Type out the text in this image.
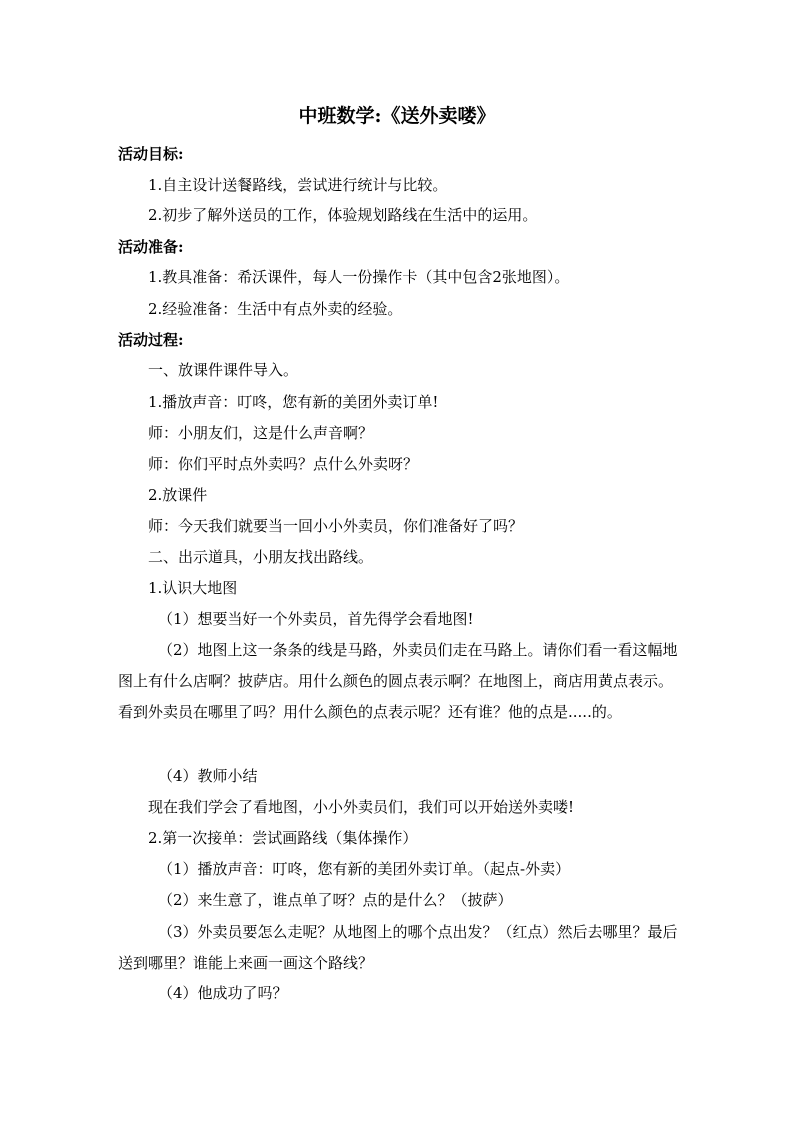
中班数学:《送外卖喽》
活动目标:
1.自主设计送餐路线，尝试进行统计与比较。
2.初步了解外送员的工作，体验规划路线在生活中的运用。
活动准备:
1.教具准备：希沃课件，每人一份操作卡（其中包含2张地图）。
2.经验准备：生活中有点外卖的经验。
活动过程:
一、放课件课件导入。
1.播放声音：叮咚，您有新的美团外卖订单!
师：小朋友们，这是什么声音啊？
师：你们平时点外卖吗？点什么外卖呀？
2.放课件
师：今天我们就要当一回小小外卖员，你们准备好了吗？
二、出示道具，小朋友找出路线。
1.认识大地图
（1）想要当好一个外卖员，首先得学会看地图!
（2）地图上这一条条的线是马路，外卖员们走在马路上。请你们看一看这幅地图上有什么店啊？披萨店。用什么颜色的圆点表示啊？在地图上，商店用黄点表示。看到外卖员在哪里了吗？用什么颜色的点表示呢？还有谁？他的点是.....的。
（4）教师小结
现在我们学会了看地图，小小外卖员们，我们可以开始送外卖喽!
2.第一次接单：尝试画路线（集体操作）
（1）播放声音：叮咚，您有新的美团外卖订单。（起点-外卖）
（2）来生意了，谁点单了呀？点的是什么？（披萨）
（3）外卖员要怎么走呢？从地图上的哪个点出发？（红点）然后去哪里？最后送到哪里？谁能上来画一画这个路线？
（4）他成功了吗？
